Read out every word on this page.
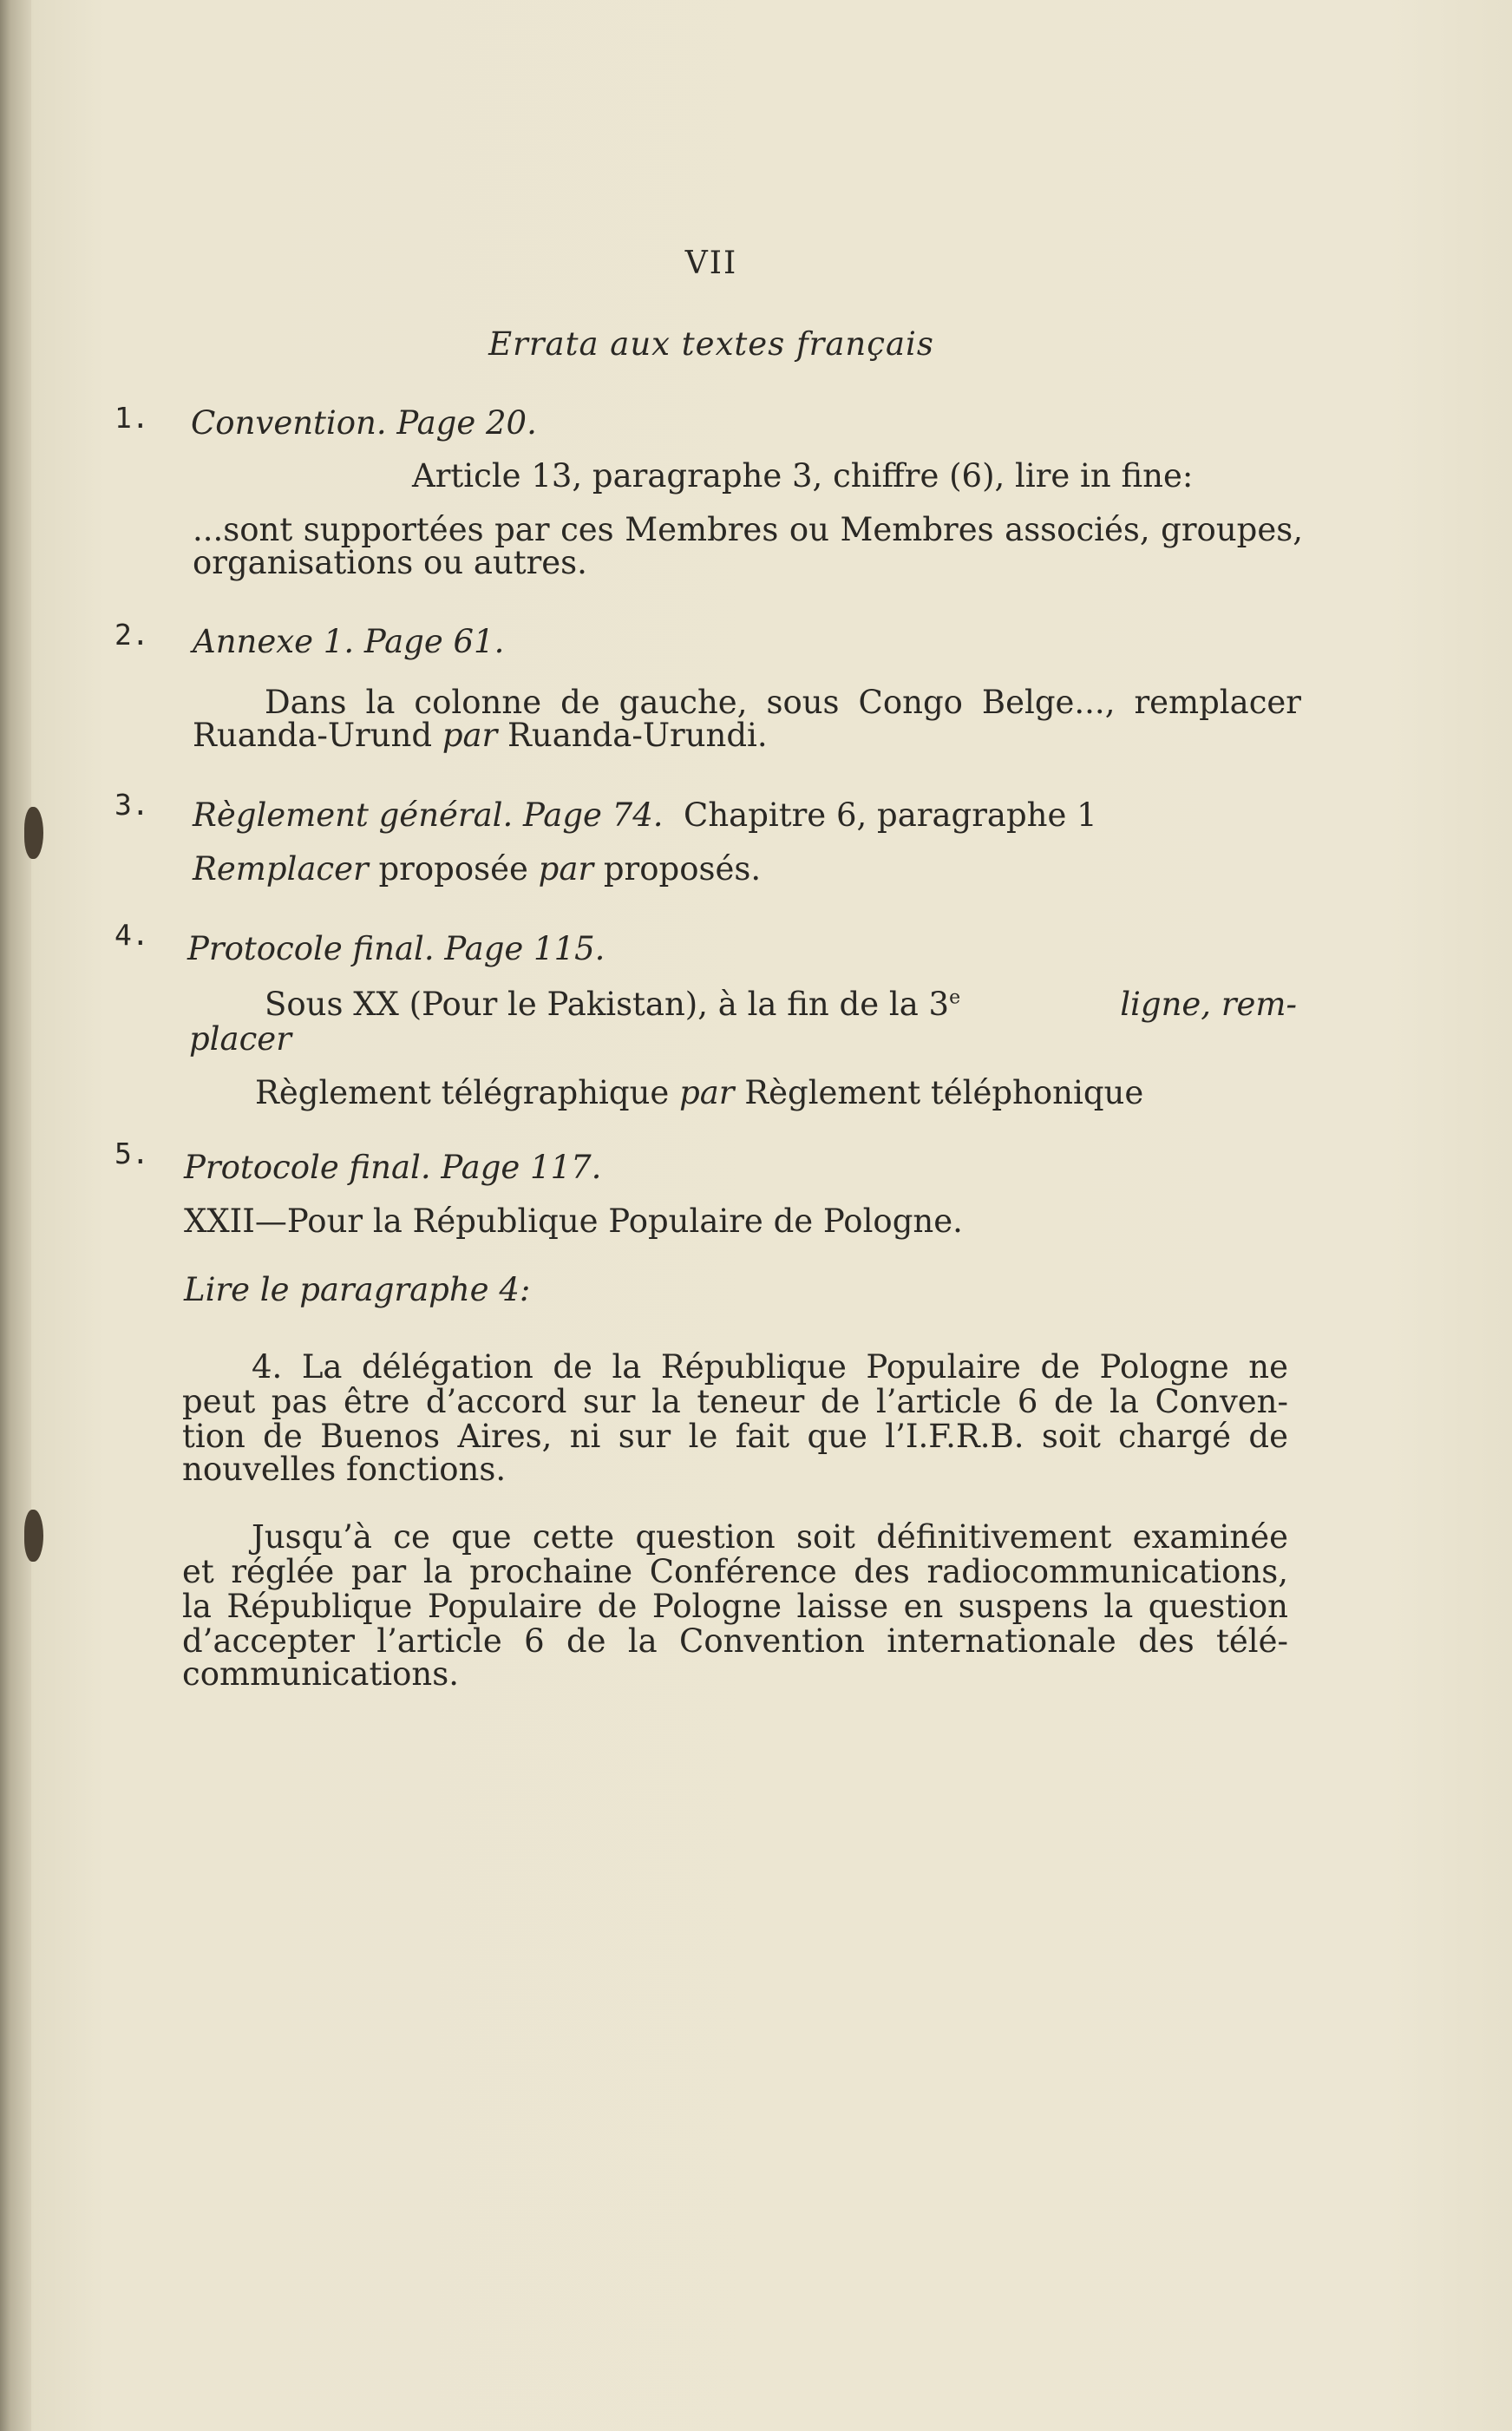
VII
Errata aux textes français
1. Convention. Page 20.
Article 13, paragraphe 3, chiffre (6), lire in fine:
...sont supportées par ces Membres ou Membres associés, groupes,
organisations ou autres.
2. Annexe 1. Page 61.
Dans la colonne de gauche, sous Congo Belge..., remplacer
Ruanda-Urund par Ruanda-Urundi.
3. Règlement général. Page 74. Chapitre 6, paragraphe 1
Remplacer proposée par proposés.
4. Protocole final. Page 115.
Sous XX (Pour le Pakistan), à la fin de la 3e	ligne, rem-
placer
Règlement télégraphique par Règlement téléphonique
5. Protocole final. Page 117.
XXII—Pour la République Populaire de Pologne.
Lire le paragraphe 4:
4. La délégation de la République Populaire de Pologne ne
peut pas être d’accord sur la teneur de l’article 6 de la Conven-
tion de Buenos Aires, ni sur le fait que l’I.F.R.B. soit chargé de
nouvelles fonctions.
Jusqu’à ce que cette question soit définitivement examinée
et réglée par la prochaine Conférence des radiocommunications,
la République Populaire de Pologne laisse en suspens la question
d’accepter l’article 6 de la Convention internationale des télé-
communications.
